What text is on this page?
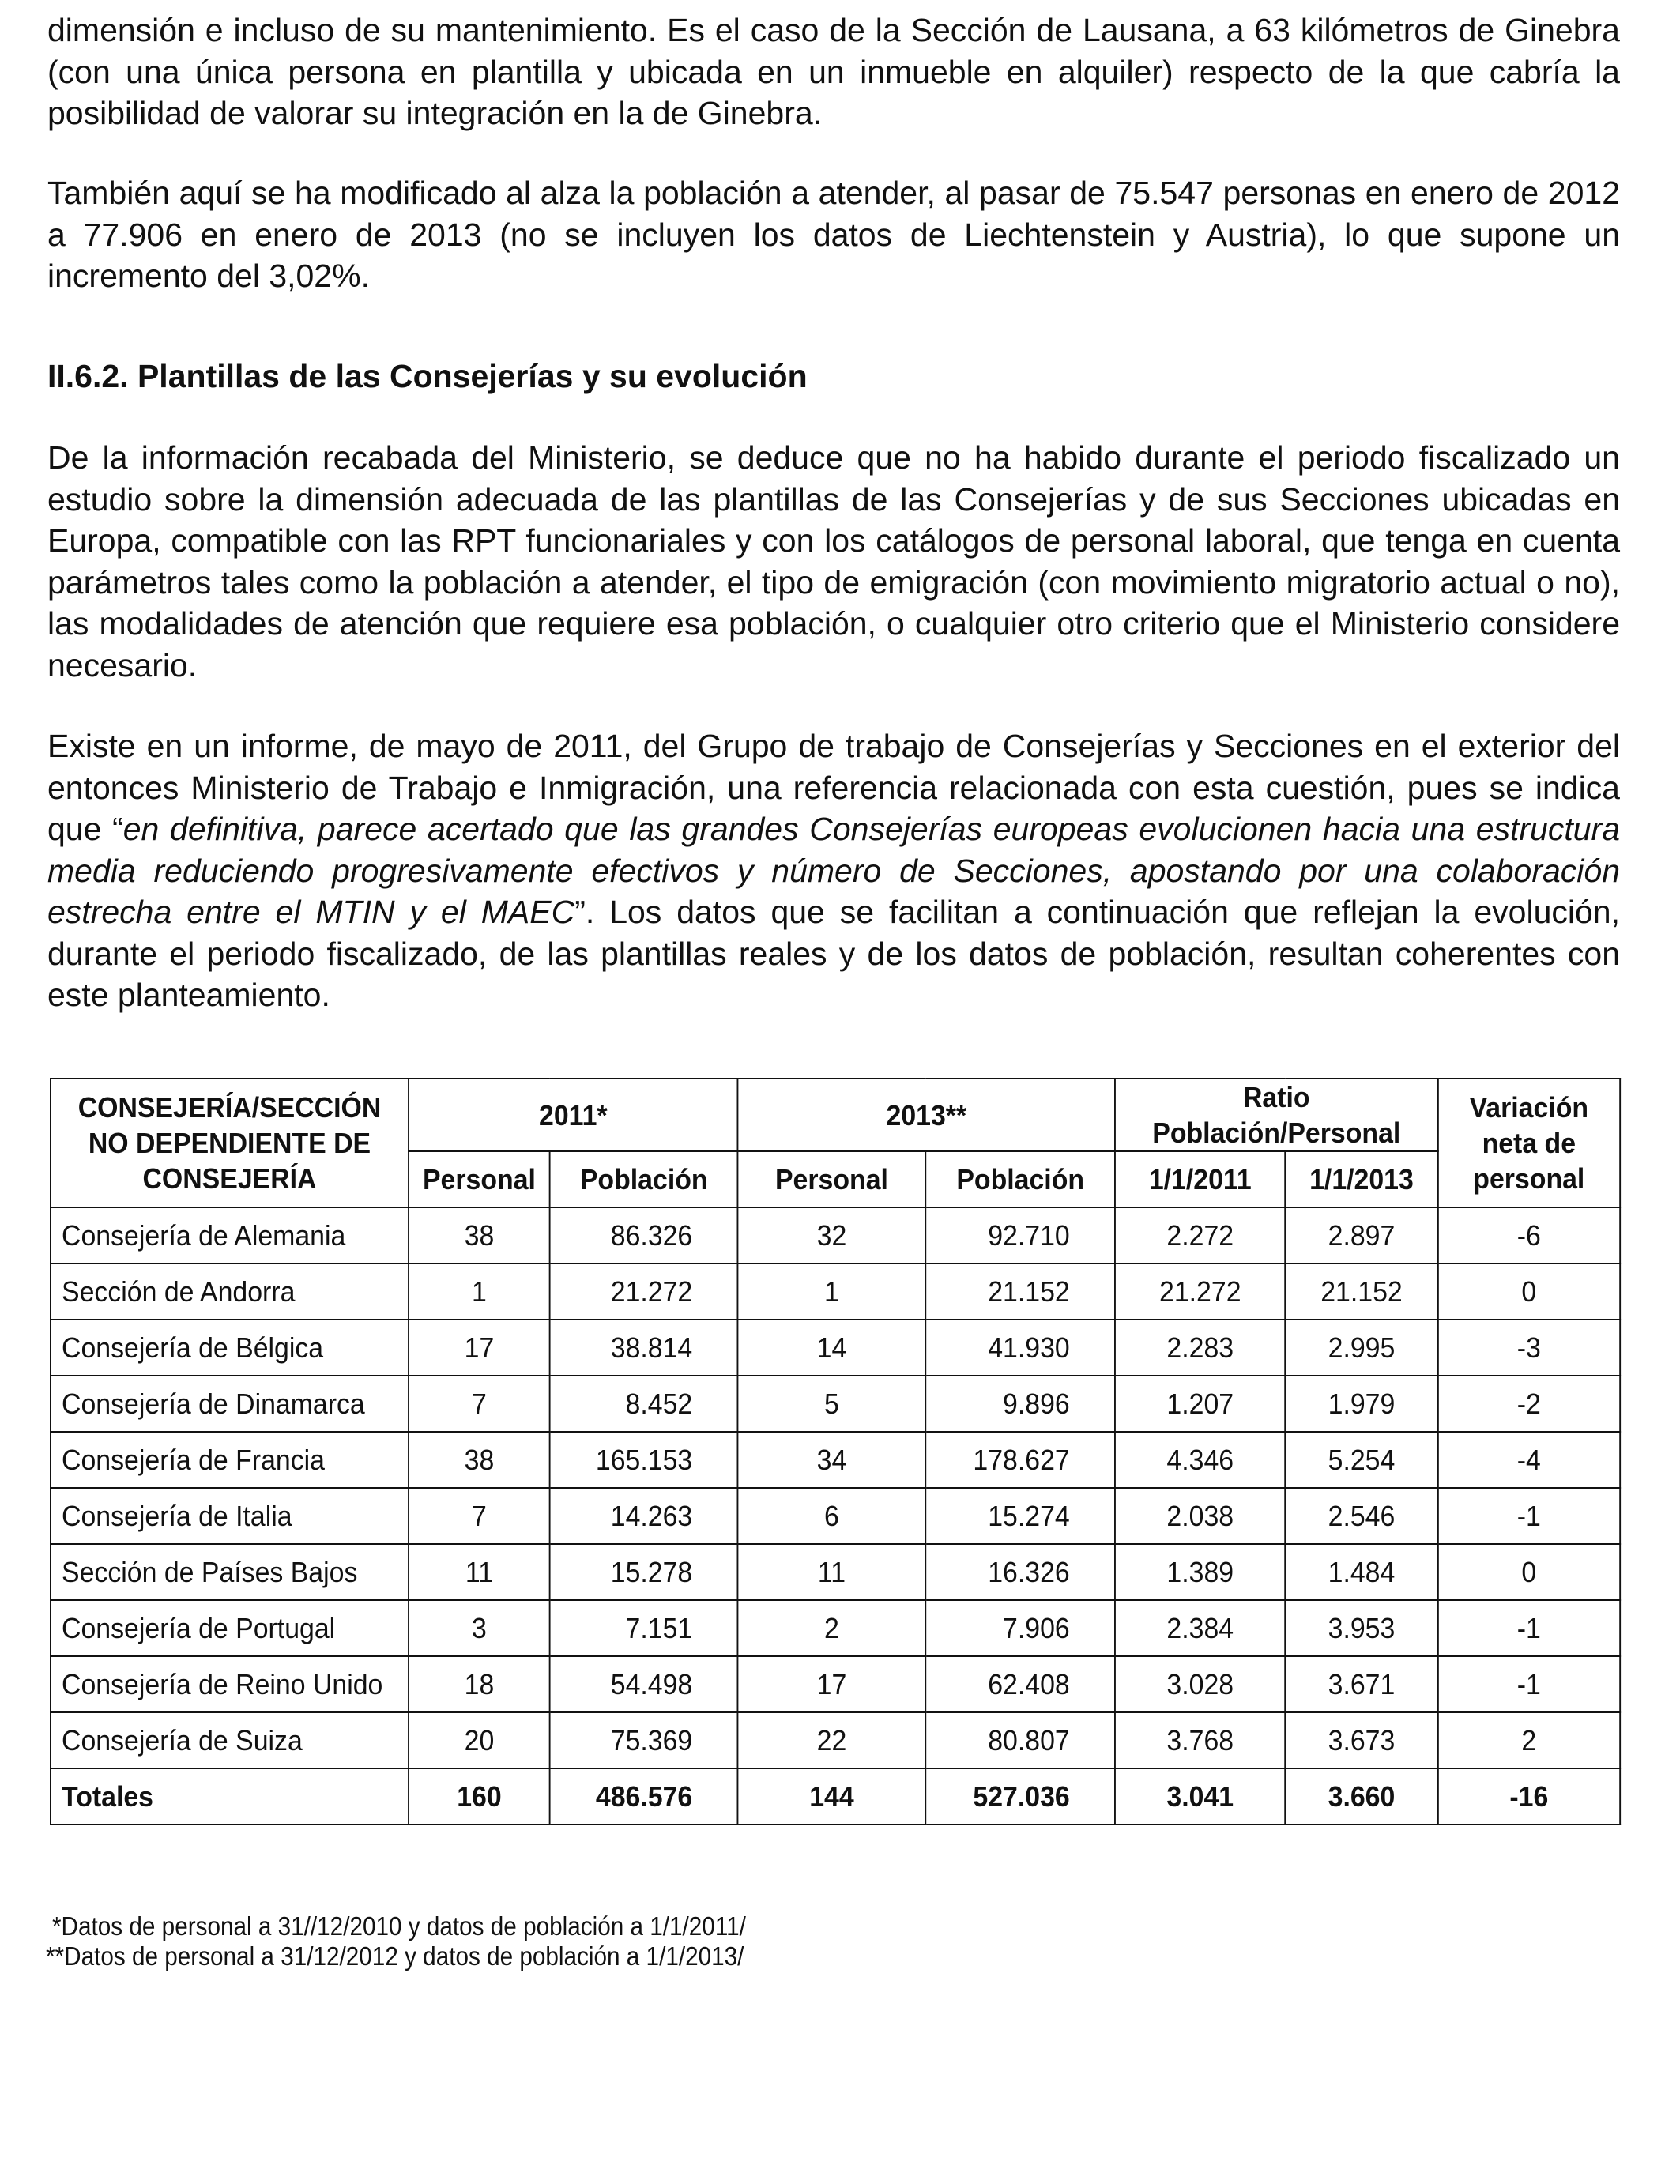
dimensión e incluso de su mantenimiento. Es el caso de la Sección de Lausana, a 63 kilómetros de Ginebra (con una única persona en plantilla y ubicada en un inmueble en alquiler) respecto de la que cabría la posibilidad de valorar su integración en la de Ginebra.

También aquí se ha modificado al alza la población a atender, al pasar de 75.547 personas en enero de 2012 a 77.906 en enero de 2013 (no se incluyen los datos de Liechtenstein y Austria), lo que supone un incremento del 3,02%.

II.6.2. Plantillas de las Consejerías y su evolución

De la información recabada del Ministerio, se deduce que no ha habido durante el periodo fiscalizado un estudio sobre la dimensión adecuada de las plantillas de las Consejerías y de sus Secciones ubicadas en Europa, compatible con las RPT funcionariales y con los catálogos de personal laboral, que tenga en cuenta parámetros tales como la población a atender, el tipo de emigración (con movimiento migratorio actual o no), las modalidades de atención que requiere esa población, o cualquier otro criterio que el Ministerio considere necesario.

Existe en un informe, de mayo de 2011, del Grupo de trabajo de Consejerías y Secciones en el exterior del entonces Ministerio de Trabajo e Inmigración, una referencia relacionada con esta cuestión, pues se indica que “en definitiva, parece acertado que las grandes Consejerías europeas evolucionen hacia una estructura media reduciendo progresivamente efectivos y número de Secciones, apostando por una colaboración estrecha entre el MTIN y el MAEC”. Los datos que se facilitan a continuación que reflejan la evolución, durante el periodo fiscalizado, de las plantillas reales y de los datos de población, resultan coherentes con este planteamiento.

CONSEJERÍA/SECCIÓN NO DEPENDIENTE DE CONSEJERÍA	2011*		2013**		Ratio Población/Personal		Variación neta de personal
	Personal	Población	Personal	Población	1/1/2011	1/1/2013	
Consejería de Alemania	38	86.326	32	92.710	2.272	2.897	-6
Sección de Andorra	1	21.272	1	21.152	21.272	21.152	0
Consejería de Bélgica	17	38.814	14	41.930	2.283	2.995	-3
Consejería de Dinamarca	7	8.452	5	9.896	1.207	1.979	-2
Consejería de Francia	38	165.153	34	178.627	4.346	5.254	-4
Consejería de Italia	7	14.263	6	15.274	2.038	2.546	-1
Sección de Países Bajos	11	15.278	11	16.326	1.389	1.484	0
Consejería de Portugal	3	7.151	2	7.906	2.384	3.953	-1
Consejería de Reino Unido	18	54.498	17	62.408	3.028	3.671	-1
Consejería de Suiza	20	75.369	22	80.807	3.768	3.673	2
Totales	160	486.576	144	527.036	3.041	3.660	-16

*Datos de personal a 31//12/2010 y datos de población a 1/1/2011/

**Datos de personal a 31/12/2012 y datos de población a 1/1/2013/
